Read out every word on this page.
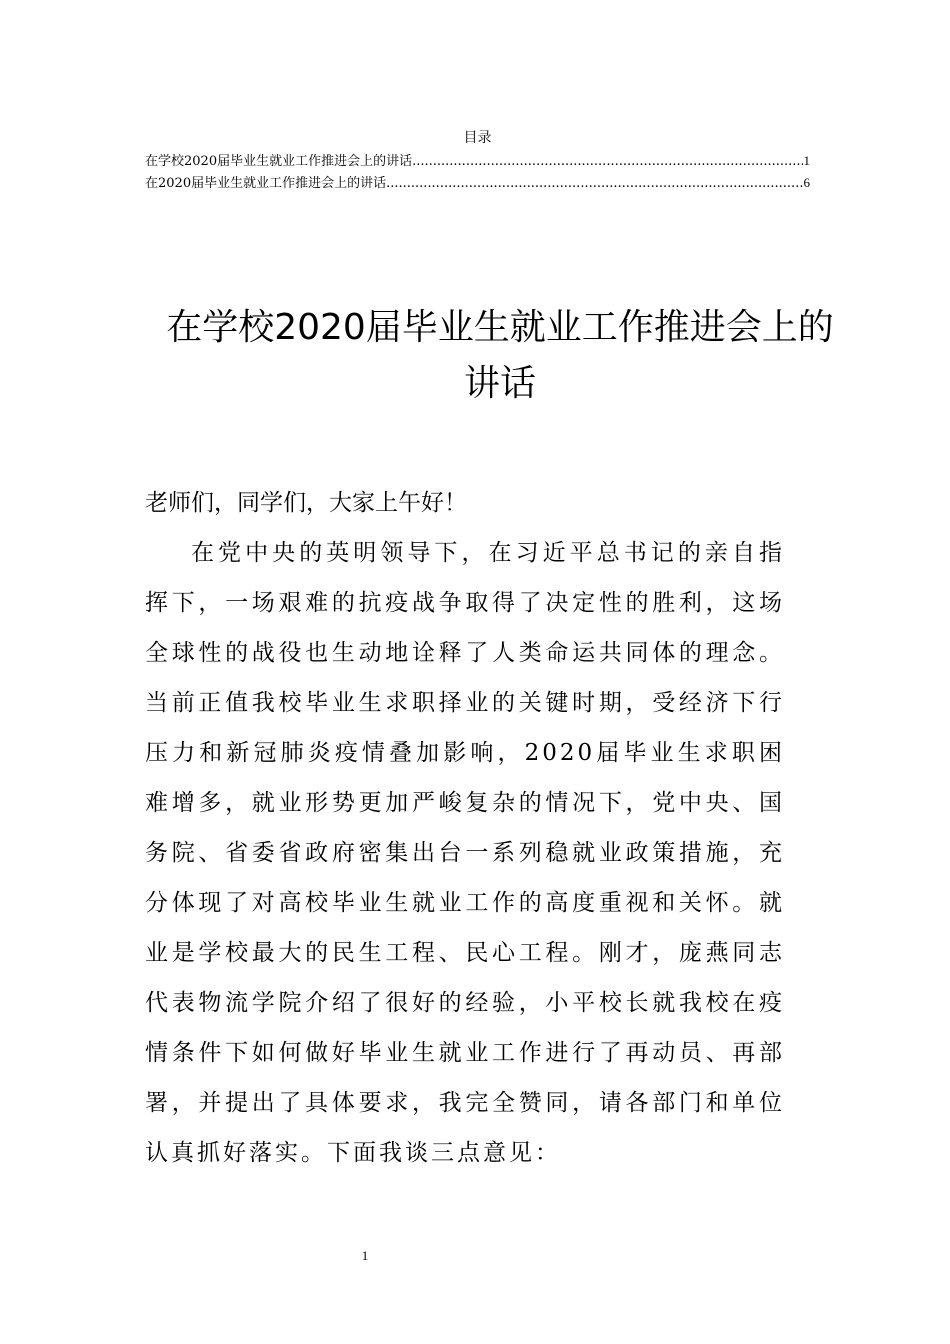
目录
在学校2020届毕业生就业工作推进会上的讲话 .....	1
在2020届毕业生就业工作推进会上的讲话 .....	6
在学校2020届毕业生就业工作推进会上的讲话

老师们，同学们，大家上午好！

在党中央的英明领导下，在习近平总书记的亲自指挥下，一场艰难的抗疫战争取得了决定性的胜利，这场全球性的战役也生动地诠释了人类命运共同体的理念。当前正值我校毕业生求职择业的关键时期，受经济下行压力和新冠肺炎疫情叠加影响，2020届毕业生求职困难增多，就业形势更加严峻复杂的情况下，党中央、国务院、省委省政府密集出台一系列稳就业政策措施，充分体现了对高校毕业生就业工作的高度重视和关怀。就业是学校最大的民生工程、民心工程。刚才，庞燕同志代表物流学院介绍了很好的经验，小平校长就我校在疫情条件下如何做好毕业生就业工作进行了再动员、再部署，并提出了具体要求，我完全赞同，请各部门和单位认真抓好落实。下面我谈三点意见：

1
